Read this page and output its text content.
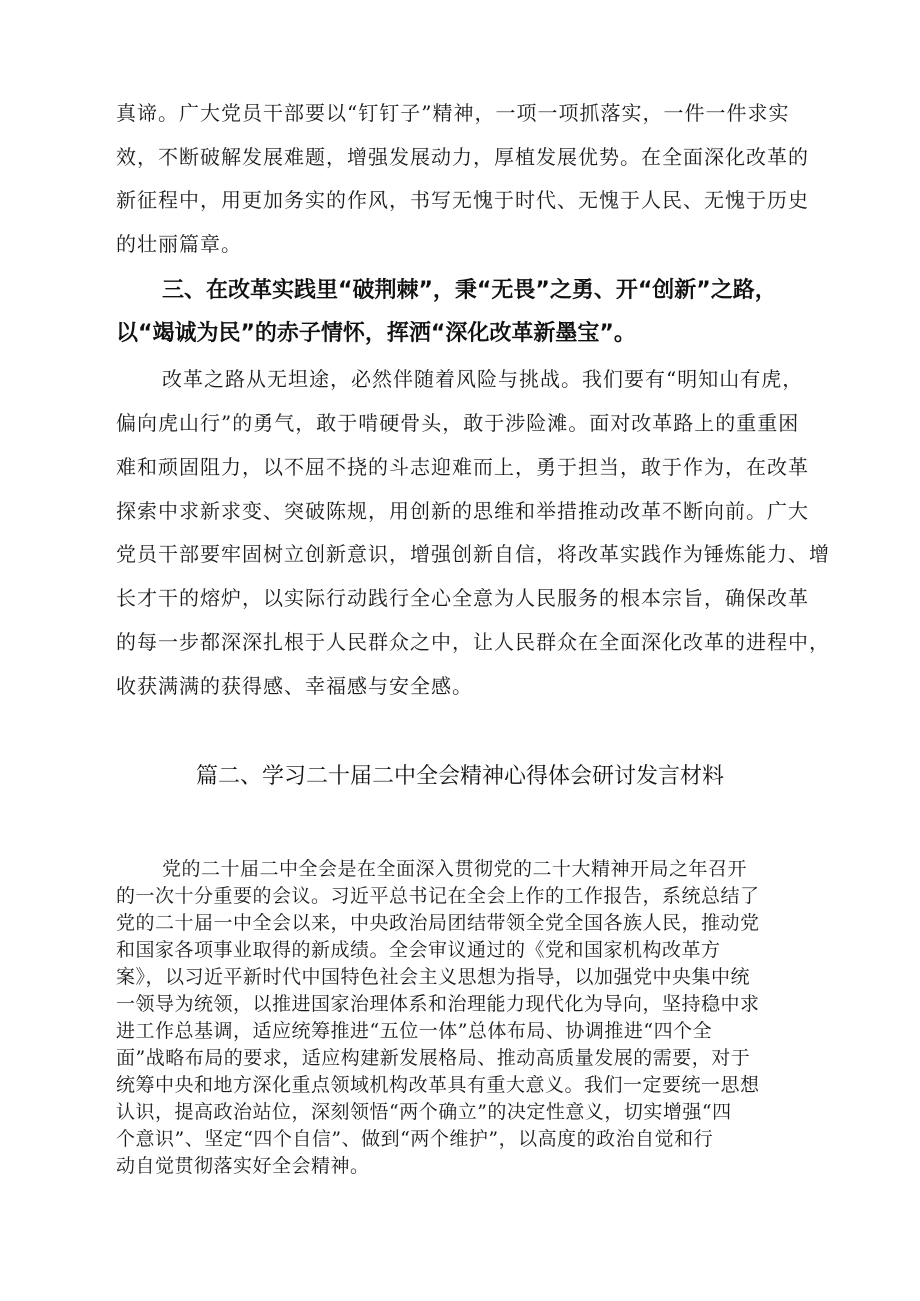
真谛。广大党员干部要以“钉钉子”精神，一项一项抓落实，一件一件求实
效，不断破解发展难题，增强发展动力，厚植发展优势。在全面深化改革的
新征程中，用更加务实的作风，书写无愧于时代、无愧于人民、无愧于历史
的壮丽篇章。
三、在改革实践里“破荆棘”，秉“无畏”之勇、开“创新”之路，
以“竭诚为民”的赤子情怀，挥洒“深化改革新墨宝”。
改革之路从无坦途，必然伴随着风险与挑战。我们要有“明知山有虎，
偏向虎山行”的勇气，敢于啃硬骨头，敢于涉险滩。面对改革路上的重重困
难和顽固阻力，以不屈不挠的斗志迎难而上，勇于担当，敢于作为，在改革
探索中求新求变、突破陈规，用创新的思维和举措推动改革不断向前。广大
党员干部要牢固树立创新意识，增强创新自信，将改革实践作为锤炼能力、增
长才干的熔炉，以实际行动践行全心全意为人民服务的根本宗旨，确保改革
的每一步都深深扎根于人民群众之中，让人民群众在全面深化改革的进程中，
收获满满的获得感、幸福感与安全感。
篇二、学习二十届二中全会精神心得体会研讨发言材料
党的二十届二中全会是在全面深入贯彻党的二十大精神开局之年召开
的一次十分重要的会议。习近平总书记在全会上作的工作报告，系统总结了
党的二十届一中全会以来，中央政治局团结带领全党全国各族人民，推动党
和国家各项事业取得的新成绩。全会审议通过的《党和国家机构改革方
案》，以习近平新时代中国特色社会主义思想为指导，以加强党中央集中统
一领导为统领，以推进国家治理体系和治理能力现代化为导向，坚持稳中求
进工作总基调，适应统筹推进“五位一体”总体布局、协调推进“四个全
面”战略布局的要求，适应构建新发展格局、推动高质量发展的需要，对于
统筹中央和地方深化重点领域机构改革具有重大意义。我们一定要统一思想
认识，提高政治站位，深刻领悟“两个确立”的决定性意义，切实增强“四
个意识”、坚定“四个自信”、做到“两个维护”，以高度的政治自觉和行
动自觉贯彻落实好全会精神。
